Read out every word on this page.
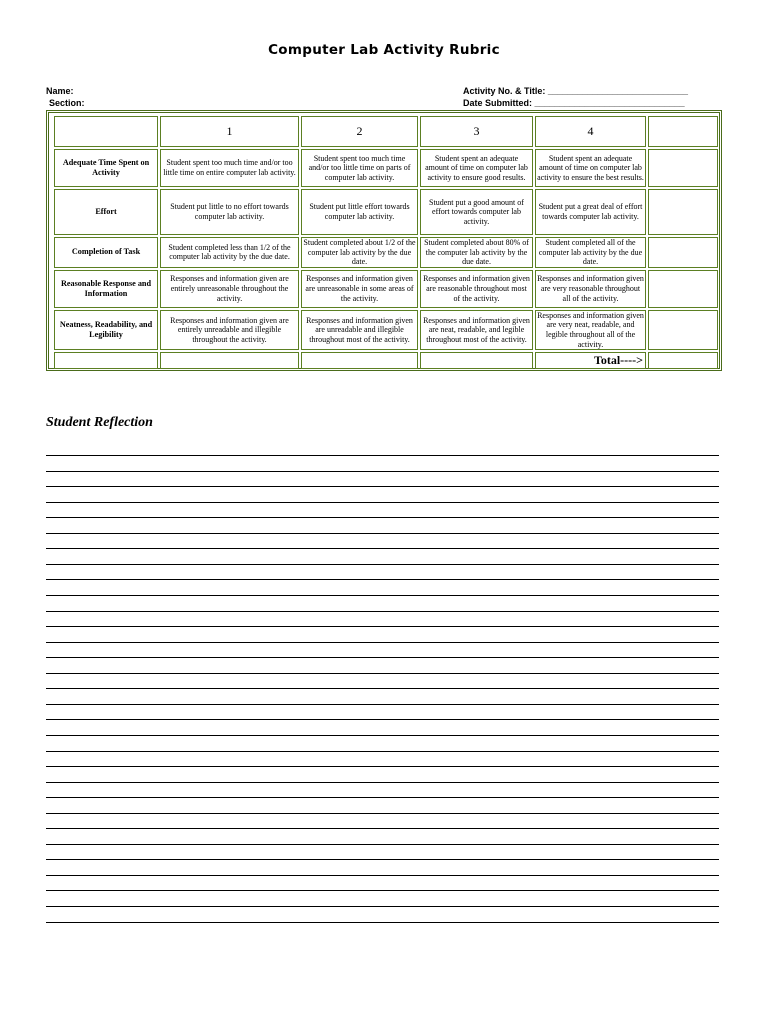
Computer Lab Activity Rubric
Name:
Section:
Activity No. & Title: ____________________________
Date Submitted: ______________________________
	1	2	3	4	
Adequate Time Spent on Activity	Student spent too much time and/or too little time on entire computer lab activity.	Student spent too much time and/or too little time on parts of computer lab activity.	Student spent an adequate amount of time on computer lab activity to ensure good results.	Student spent an adequate amount of time on computer lab activity to ensure the best results.	
Effort	Student put little to no effort towards computer lab activity.	Student put little effort towards computer lab activity.	Student put a good amount of effort towards computer lab activity.	Student put a great deal of effort towards computer lab activity.	
Completion of Task	Student completed less than 1/2 of the computer lab activity by the due date.	Student completed about 1/2 of the computer lab activity by the due date.	Student completed about 80% of the computer lab activity by the due date.	Student completed all of the computer lab activity by the due date.	
Reasonable Response and Information	Responses and information given are entirely unreasonable throughout the activity.	Responses and information given are unreasonable in some areas of the activity.	Responses and information given are reasonable throughout most of the activity.	Responses and information given are very reasonable throughout all of the activity.	
Neatness, Readability, and Legibility	Responses and information given are entirely unreadable and illegible throughout the activity.	Responses and information given are unreadable and illegible throughout most of the activity.	Responses and information given are neat, readable, and legible throughout most of the activity.	Responses and information given are very neat, readable, and legible throughout all of the activity.	
				Total---->	
Student Reflection
